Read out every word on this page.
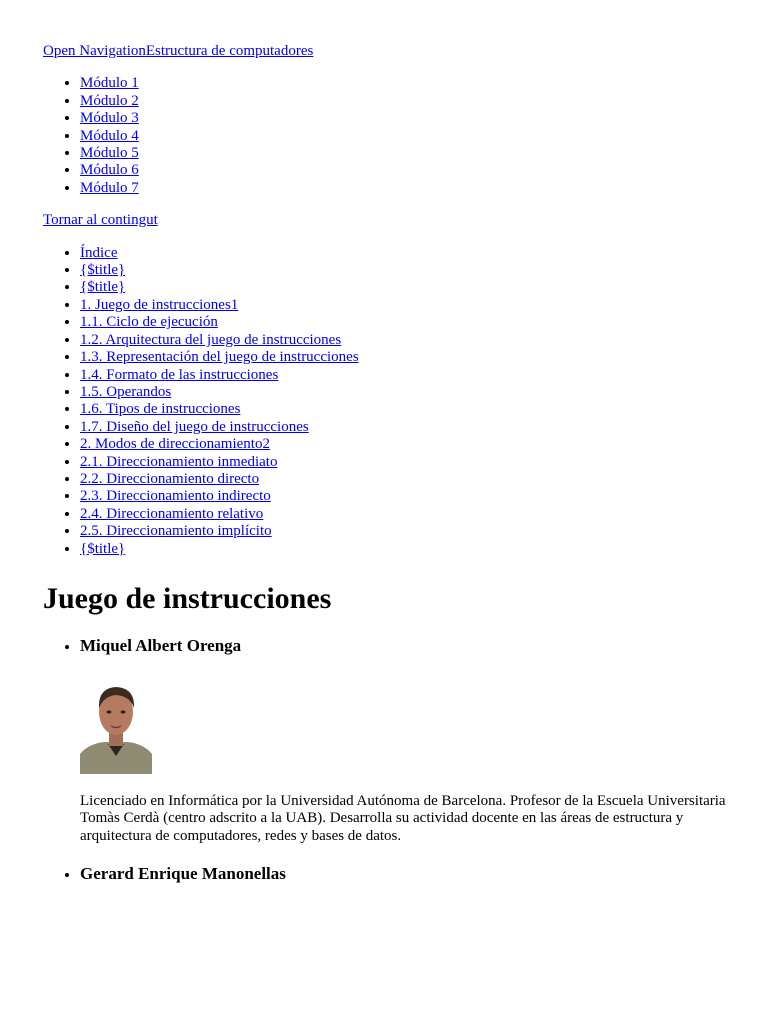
Open NavigationEstructura de computadores
• Módulo 1
• Módulo 2
• Módulo 3
• Módulo 4
• Módulo 5
• Módulo 6
• Módulo 7
Tornar al contingut
• Índice
• {$title}
• {$title}
• 1. Juego de instrucciones1
• 1.1. Ciclo de ejecución
• 1.2. Arquitectura del juego de instrucciones
• 1.3. Representación del juego de instrucciones
• 1.4. Formato de las instrucciones
• 1.5. Operandos
• 1.6. Tipos de instrucciones
• 1.7. Diseño del juego de instrucciones
• 2. Modos de direccionamiento2
• 2.1. Direccionamiento inmediato
• 2.2. Direccionamiento directo
• 2.3. Direccionamiento indirecto
• 2.4. Direccionamiento relativo
• 2.5. Direccionamiento implícito
• {$title}
Juego de instrucciones
• Miquel Albert Orenga

Licenciado en Informática por la Universidad Autónoma de Barcelona. Profesor de la Escuela Universitaria Tomàs Cerdà (centro adscrito a la UAB). Desarrolla su actividad docente en las áreas de estructura y arquitectura de computadores, redes y bases de datos.

• Gerard Enrique Manonellas
